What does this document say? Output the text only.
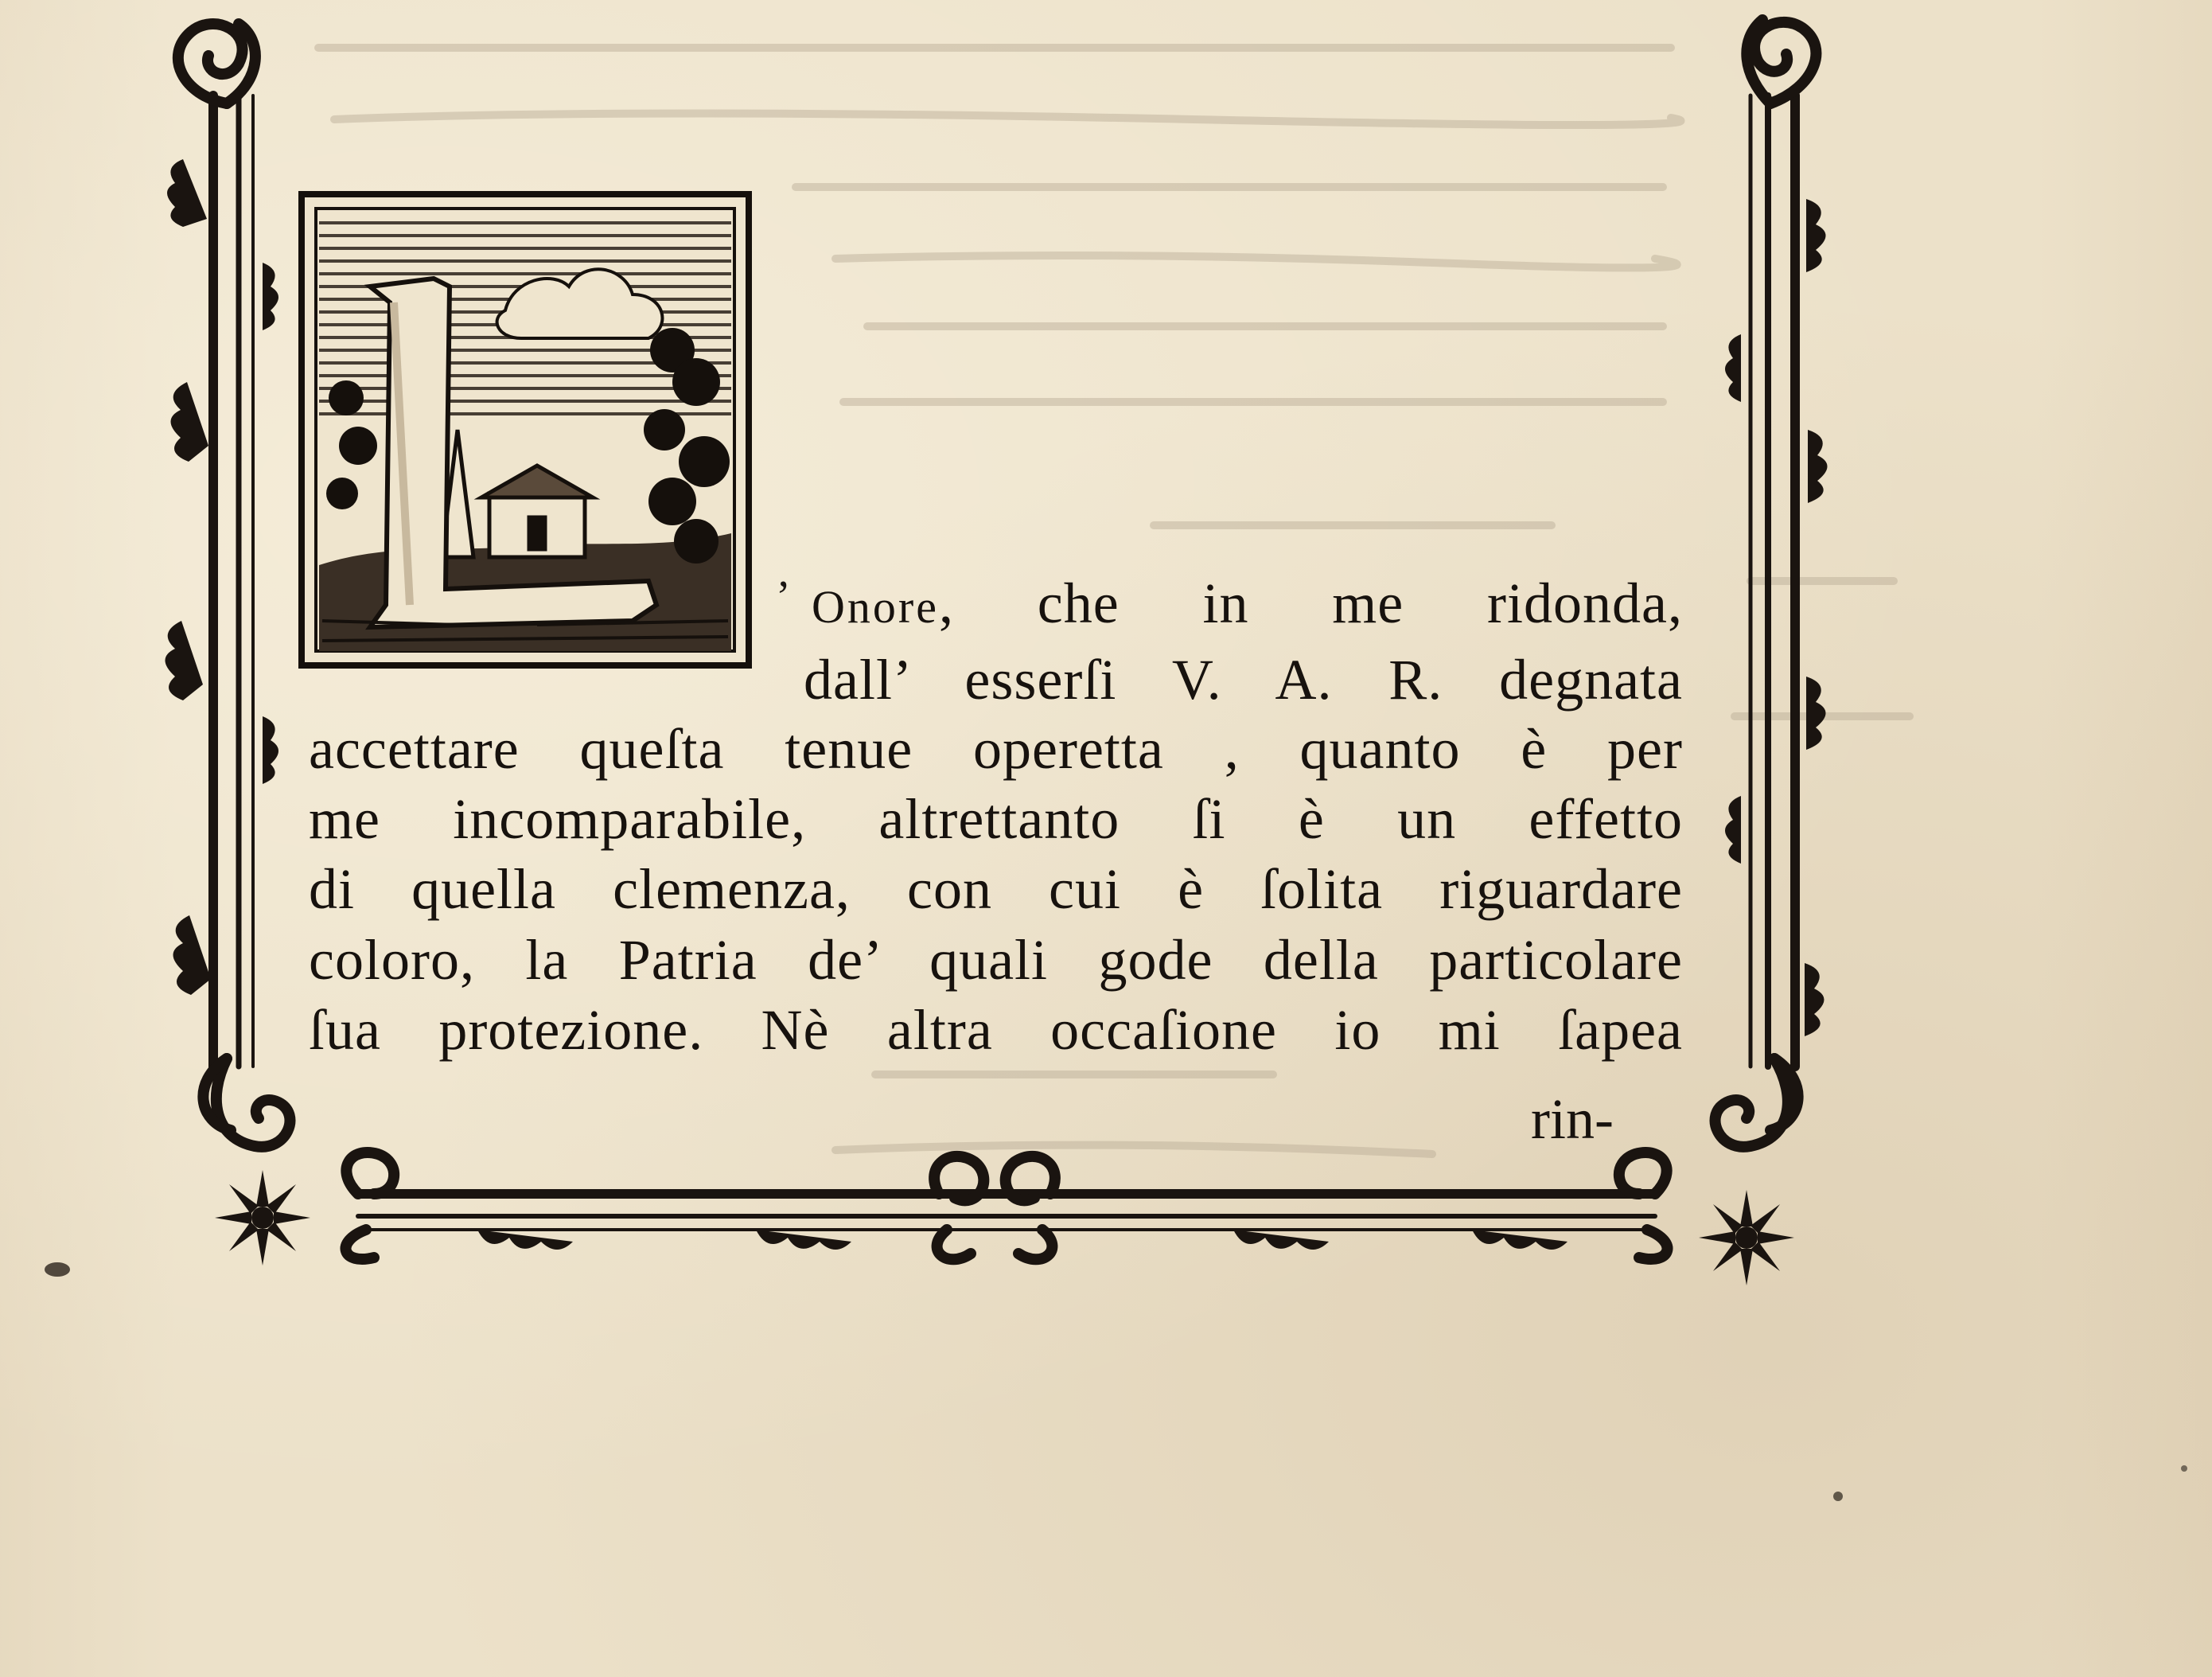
’ Onore, che in me ridonda,

dall’ esserſi V. A. R. degnata

accettare queſta tenue operetta , quanto è per

me incomparabile, altrettanto ſi è un effetto

di quella clemenza, con cui è ſolita riguardare

coloro, la Patria de’ quali gode della particolare

ſua protezione. Nè altra occaſione io mi ſapea

rin-
